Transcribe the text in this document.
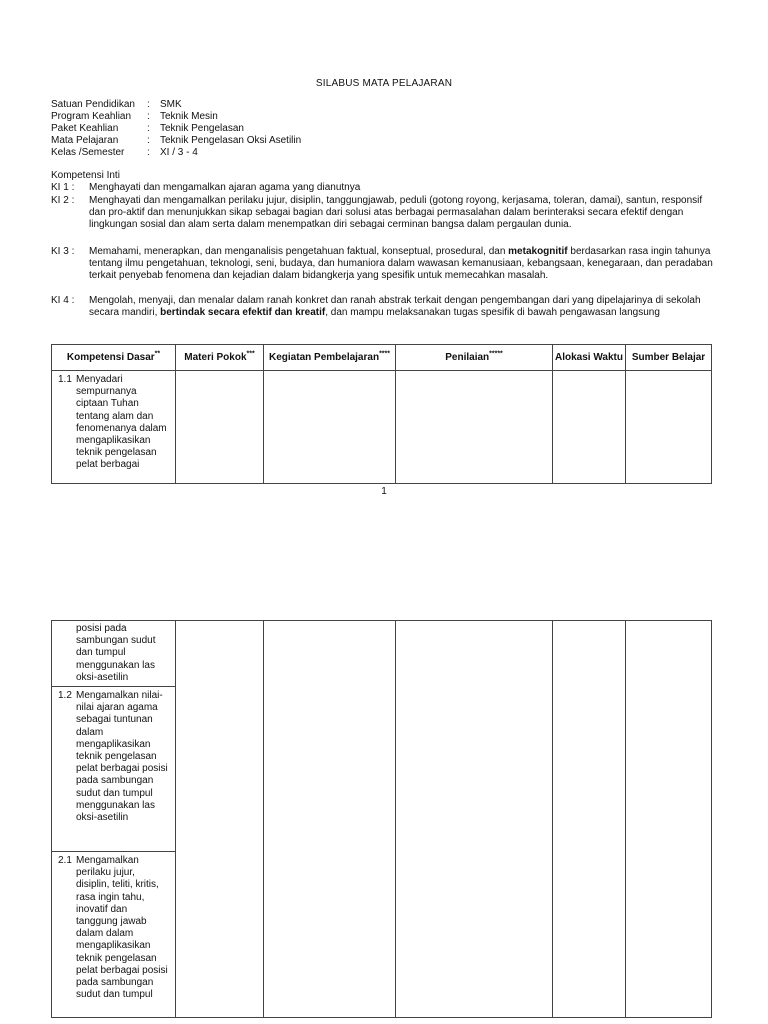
SILABUS MATA PELAJARAN
Satuan Pendidikan	:	SMK
Program Keahlian	:	Teknik Mesin
Paket Keahlian	:	Teknik Pengelasan
Mata Pelajaran	:	Teknik Pengelasan Oksi Asetilin
Kelas /Semester	:	XI / 3 - 4
Kompetensi Inti
KI 1 :	Menghayati dan mengamalkan ajaran agama yang dianutnya
KI 2 :	Menghayati dan mengamalkan perilaku jujur, disiplin, tanggungjawab, peduli (gotong royong, kerjasama, toleran, damai), santun, responsif dan pro-aktif dan menunjukkan sikap sebagai bagian dari solusi atas berbagai permasalahan dalam berinteraksi secara efektif dengan lingkungan sosial dan alam serta dalam menempatkan diri sebagai cerminan bangsa dalam pergaulan dunia.
KI 3 :	Memahami, menerapkan, dan menganalisis pengetahuan faktual, konseptual, prosedural, dan metakognitif berdasarkan rasa ingin tahunya tentang ilmu pengetahuan, teknologi, seni, budaya, dan humaniora dalam wawasan kemanusiaan, kebangsaan, kenegaraan, dan peradaban terkait penyebab fenomena dan kejadian dalam bidangkerja yang spesifik untuk memecahkan masalah.
KI 4 :	Mengolah, menyaji, dan menalar dalam ranah konkret dan ranah abstrak terkait dengan pengembangan dari yang dipelajarinya di sekolah secara mandiri, bertindak secara efektif dan kreatif, dan mampu melaksanakan tugas spesifik di bawah pengawasan langsung
Kompetensi Dasar**	Materi Pokok***	Kegiatan Pembelajaran****	Penilaian*****	Alokasi Waktu	Sumber Belajar

1.1 Menyadari sempurnanya ciptaan Tuhan tentang alam dan fenomenanya dalam mengaplikasikan teknik pengelasan pelat berbagai					

1
posisi pada sambungan sudut dan tumpul menggunakan las oksi-asetilin

1.2 Mengamalkan nilai-nilai ajaran agama sebagai tuntunan dalam mengaplikasikan teknik pengelasan pelat berbagai posisi pada sambungan sudut dan tumpul menggunakan las oksi-asetilin

2.1 Mengamalkan perilaku jujur, disiplin, teliti, kritis, rasa ingin tahu, inovatif dan tanggung jawab dalam dalam mengaplikasikan teknik pengelasan pelat berbagai posisi pada sambungan sudut dan tumpul
